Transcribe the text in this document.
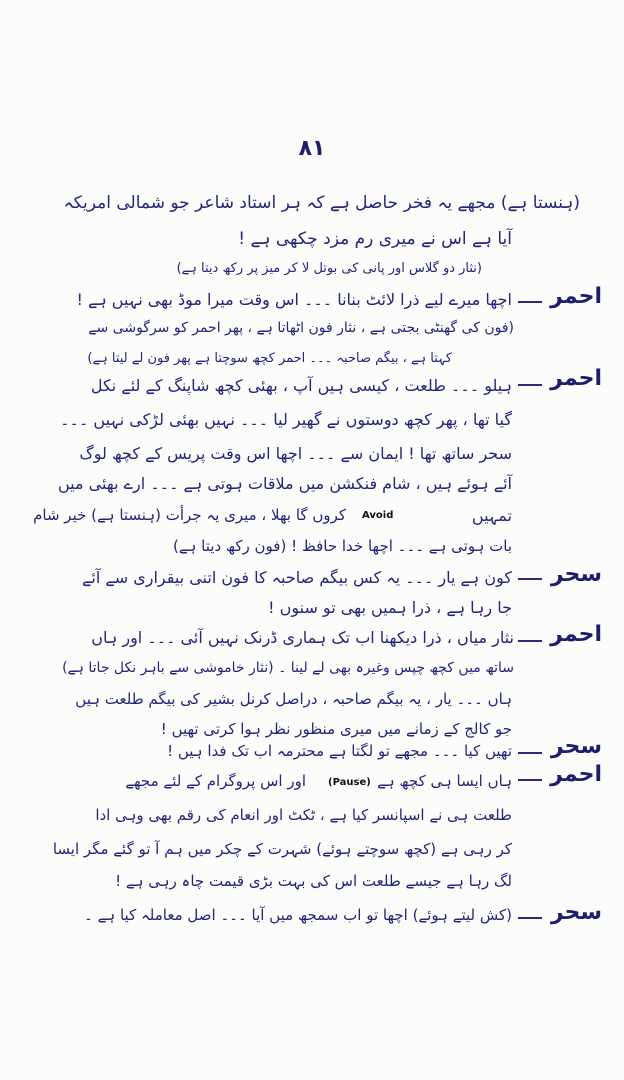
۸۱
(ہنستا ہے) مجھے یہ فخر حاصل ہے کہ ہر استاد شاعر جو شمالی امریکہ
آیا ہے اس نے میری رم مزد چکھی ہے !
(نثار دو گلاس اور پانی کی بوتل لا کر میز پر رکھ دیتا ہے)
احمر
اچھا میرے لیے ذرا لائٹ بنانا ۔۔۔ اس وقت میرا موڈ بھی نہیں ہے !
(فون کی گھنٹی بجتی ہے ، نثار فون اٹھاتا ہے ، پھر احمر کو سرگوشی سے
کہتا ہے ، بیگم صاحبہ ۔۔۔ احمر کچھ سوچتا ہے پھر فون لے لیتا ہے)
احمر
ہیلو ۔۔۔ طلعت ، کیسی ہیں آپ ، بھئی کچھ شاپنگ کے لئے نکل
گیا تھا ، پھر کچھ دوستوں نے گھیر لیا ۔۔۔ نہیں بھئی لڑکی نہیں ۔۔۔
سحر ساتھ تھا ! ایمان سے ۔۔۔ اچھا اس وقت پریس کے کچھ لوگ
آئے ہوئے ہیں ، شام فنکشن میں ملاقات ہوتی ہے ۔۔۔ ارے بھئی میں
تمہیں
Avoid
کروں گا بھلا ، میری یہ جرأت (ہنستا ہے) خیر شام
بات ہوتی ہے ۔۔۔ اچھا خدا حافظ ! (فون رکھ دیتا ہے)
سحر
کون ہے یار ۔۔۔ یہ کس بیگم صاحبہ کا فون اتنی بیقراری سے آئے
جا رہا ہے ، ذرا ہمیں بھی تو سنوں !
احمر
نثار میاں ، ذرا دیکھنا اب تک ہماری ڈرنک نہیں آئی ۔۔۔ اور ہاں
ساتھ میں کچھ چپس وغیرہ بھی لے لینا ۔ (نثار خاموشی سے باہر نکل جاتا ہے)
ہاں ۔۔۔ یار ، یہ بیگم صاحبہ ، دراصل کرنل بشیر کی بیگم طلعت ہیں
جو کالج کے زمانے میں میری منظور نظر ہوا کرتی تھیں !
سحر
تھیں کیا ۔۔۔ مجھے تو لگتا ہے محترمہ اب تک فدا ہیں !
احمر
ہاں ایسا ہی کچھ ہے
(Pause)
اور اس پروگرام کے لئے مجھے
طلعت ہی نے اسپانسر کیا ہے ، ٹکٹ اور انعام کی رقم بھی وہی ادا
کر رہی ہے (کچھ سوچتے ہوئے) شہرت کے چکر میں ہم آ تو گئے مگر ایسا
لگ رہا ہے جیسے طلعت اس کی بہت بڑی قیمت چاہ رہی ہے !
سحر
(کش لیتے ہوئے) اچھا تو اب سمجھ میں آیا ۔۔۔ اصل معاملہ کیا ہے ۔
